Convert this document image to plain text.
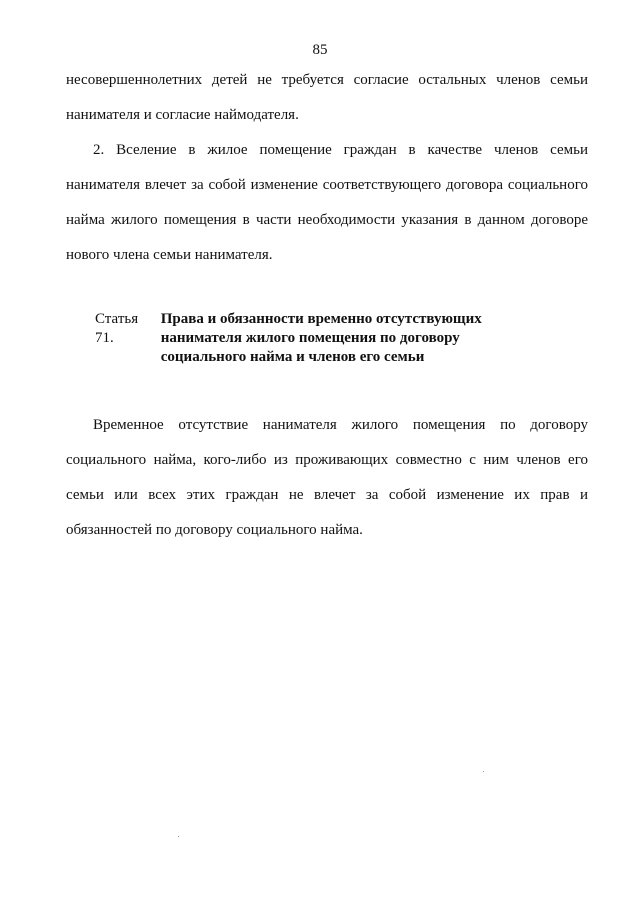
85

несовершеннолетних детей не требуется согласие остальных членов семьи нанимателя и согласие наймодателя.

2. Вселение в жилое помещение граждан в качестве членов семьи нанимателя влечет за собой изменение соответствующего договора социального найма жилого помещения в части необходимости указания в данном договоре нового члена семьи нанимателя.

Статья 71. Права и обязанности временно отсутствующих
нанимателя жилого помещения по договору
социального найма и членов его семьи

Временное отсутствие нанимателя жилого помещения по договору социального найма, кого-либо из проживающих совместно с ним членов его семьи или всех этих граждан не влечет за собой изменение их прав и обязанностей по договору социального найма.
